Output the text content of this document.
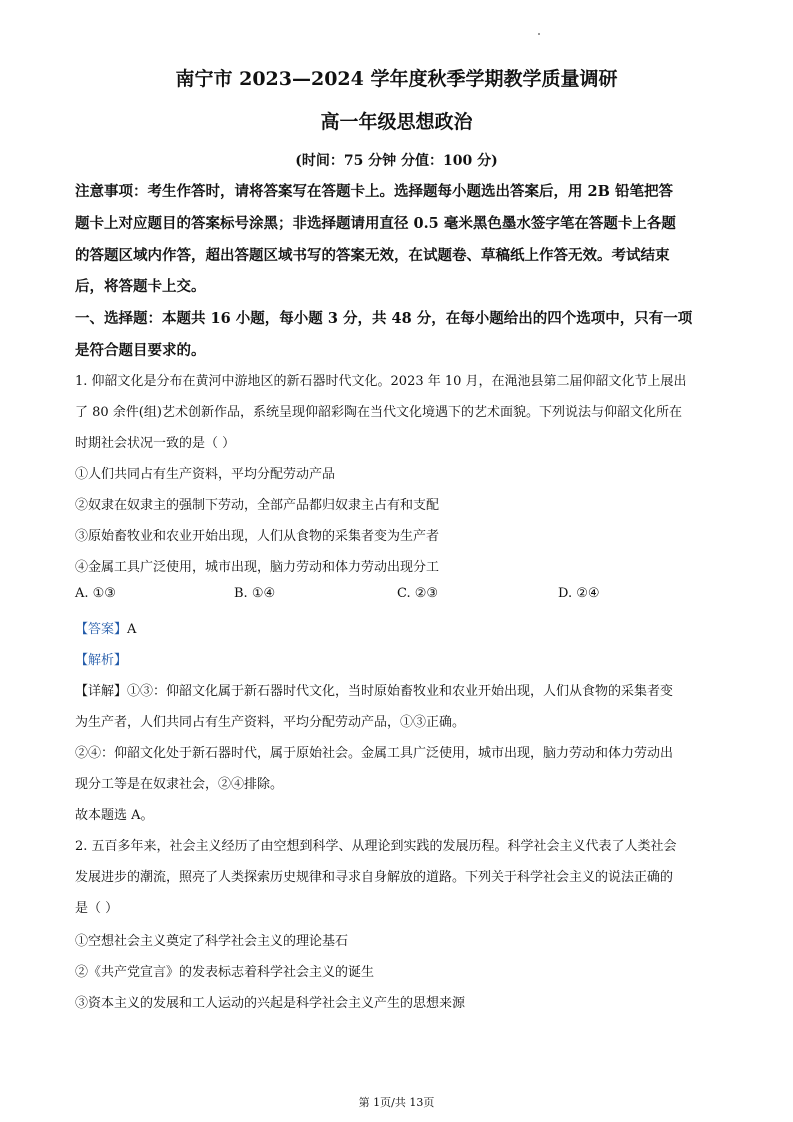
南宁市 2023—2024 学年度秋季学期教学质量调研
高一年级思想政治
(时间：75 分钟 分值：100 分)
注意事项：考生作答时，请将答案写在答题卡上。选择题每小题选出答案后，用 2B 铅笔把答
题卡上对应题目的答案标号涂黑；非选择题请用直径 0.5 毫米黑色墨水签字笔在答题卡上各题
的答题区域内作答，超出答题区域书写的答案无效，在试题卷、草稿纸上作答无效。考试结束
后，将答题卡上交。
一、选择题：本题共 16 小题，每小题 3 分，共 48 分，在每小题给出的四个选项中，只有一项
是符合题目要求的。
1. 仰韶文化是分布在黄河中游地区的新石器时代文化。2023 年 10 月，在渑池县第二届仰韶文化节上展出
了 80 余件(组)艺术创新作品，系统呈现仰韶彩陶在当代文化境遇下的艺术面貌。下列说法与仰韶文化所在
时期社会状况一致的是（ ）
①人们共同占有生产资料，平均分配劳动产品
②奴隶在奴隶主的强制下劳动，全部产品都归奴隶主占有和支配
③原始畜牧业和农业开始出现，人们从食物的采集者变为生产者
④金属工具广泛使用，城市出现，脑力劳动和体力劳动出现分工
A. ①③	B. ①④	C. ②③	D. ②④
【答案】A
【解析】
【详解】①③：仰韶文化属于新石器时代文化，当时原始畜牧业和农业开始出现，人们从食物的采集者变
为生产者，人们共同占有生产资料，平均分配劳动产品，①③正确。
②④：仰韶文化处于新石器时代，属于原始社会。金属工具广泛使用，城市出现，脑力劳动和体力劳动出
现分工等是在奴隶社会，②④排除。
故本题选 A。
2. 五百多年来，社会主义经历了由空想到科学、从理论到实践的发展历程。科学社会主义代表了人类社会
发展进步的潮流，照亮了人类探索历史规律和寻求自身解放的道路。下列关于科学社会主义的说法正确的
是（ ）
①空想社会主义奠定了科学社会主义的理论基石
②《共产党宣言》的发表标志着科学社会主义的诞生
③资本主义的发展和工人运动的兴起是科学社会主义产生的思想来源
第 1页/共 13页
